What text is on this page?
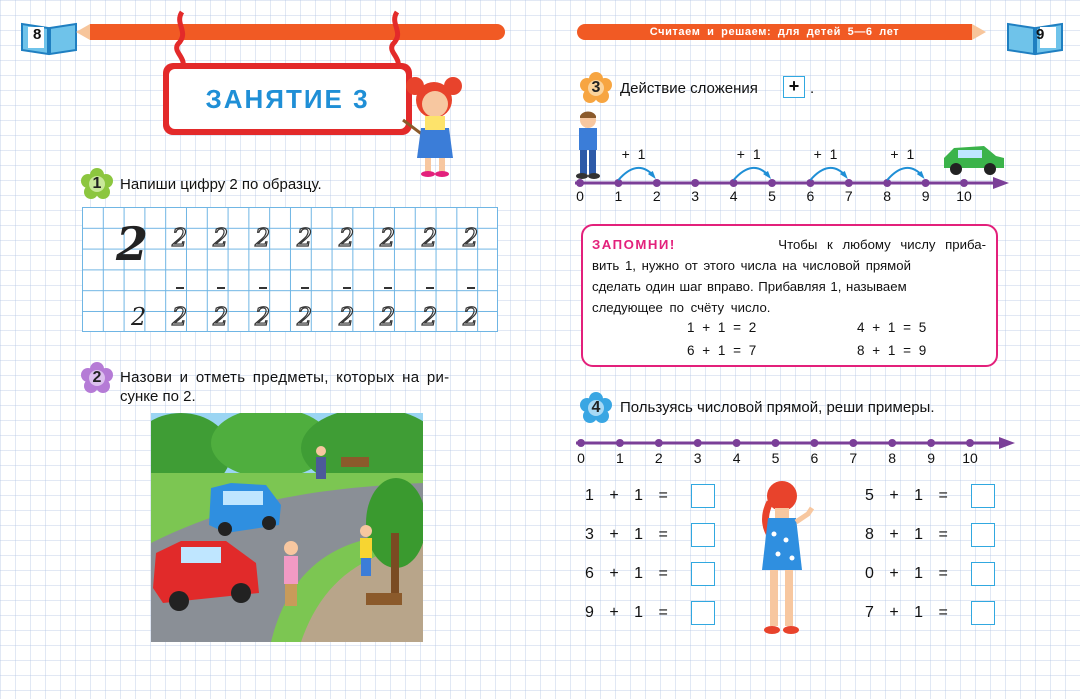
8	Считаем и решаем: для детей 5—6 лет	9
ЗАНЯТИЕ 3
1	Напиши цифру 2 по образцу.
2 2 2 2 2 2 2 2 2
2 2 2 2 2 2 2 2
2
2	Назови и отметь предметы, которых на ри-
сунке по 2.
3	Действие сложения	+ .
+ 1	+ 1	+ 1	+ 1
0	1	2	3	4	5	6	7	8	9	10
ЗАПОМНИ!	Чтобы к любому числу приба-
вить 1, нужно от этого числа на числовой прямой
сделать один шаг вправо. Прибавляя 1, называем
следующее по счёту число.
1 + 1 = 2	4 + 1 = 5
6 + 1 = 7	8 + 1 = 9
4	Пользуясь числовой прямой, реши примеры.
0	1	2	3	4	5	6	7	8	9	10
1 + 1 =
3 + 1 =
6 + 1 =
9 + 1 =
5 + 1 =
8 + 1 =
0 + 1 =
7 + 1 =
